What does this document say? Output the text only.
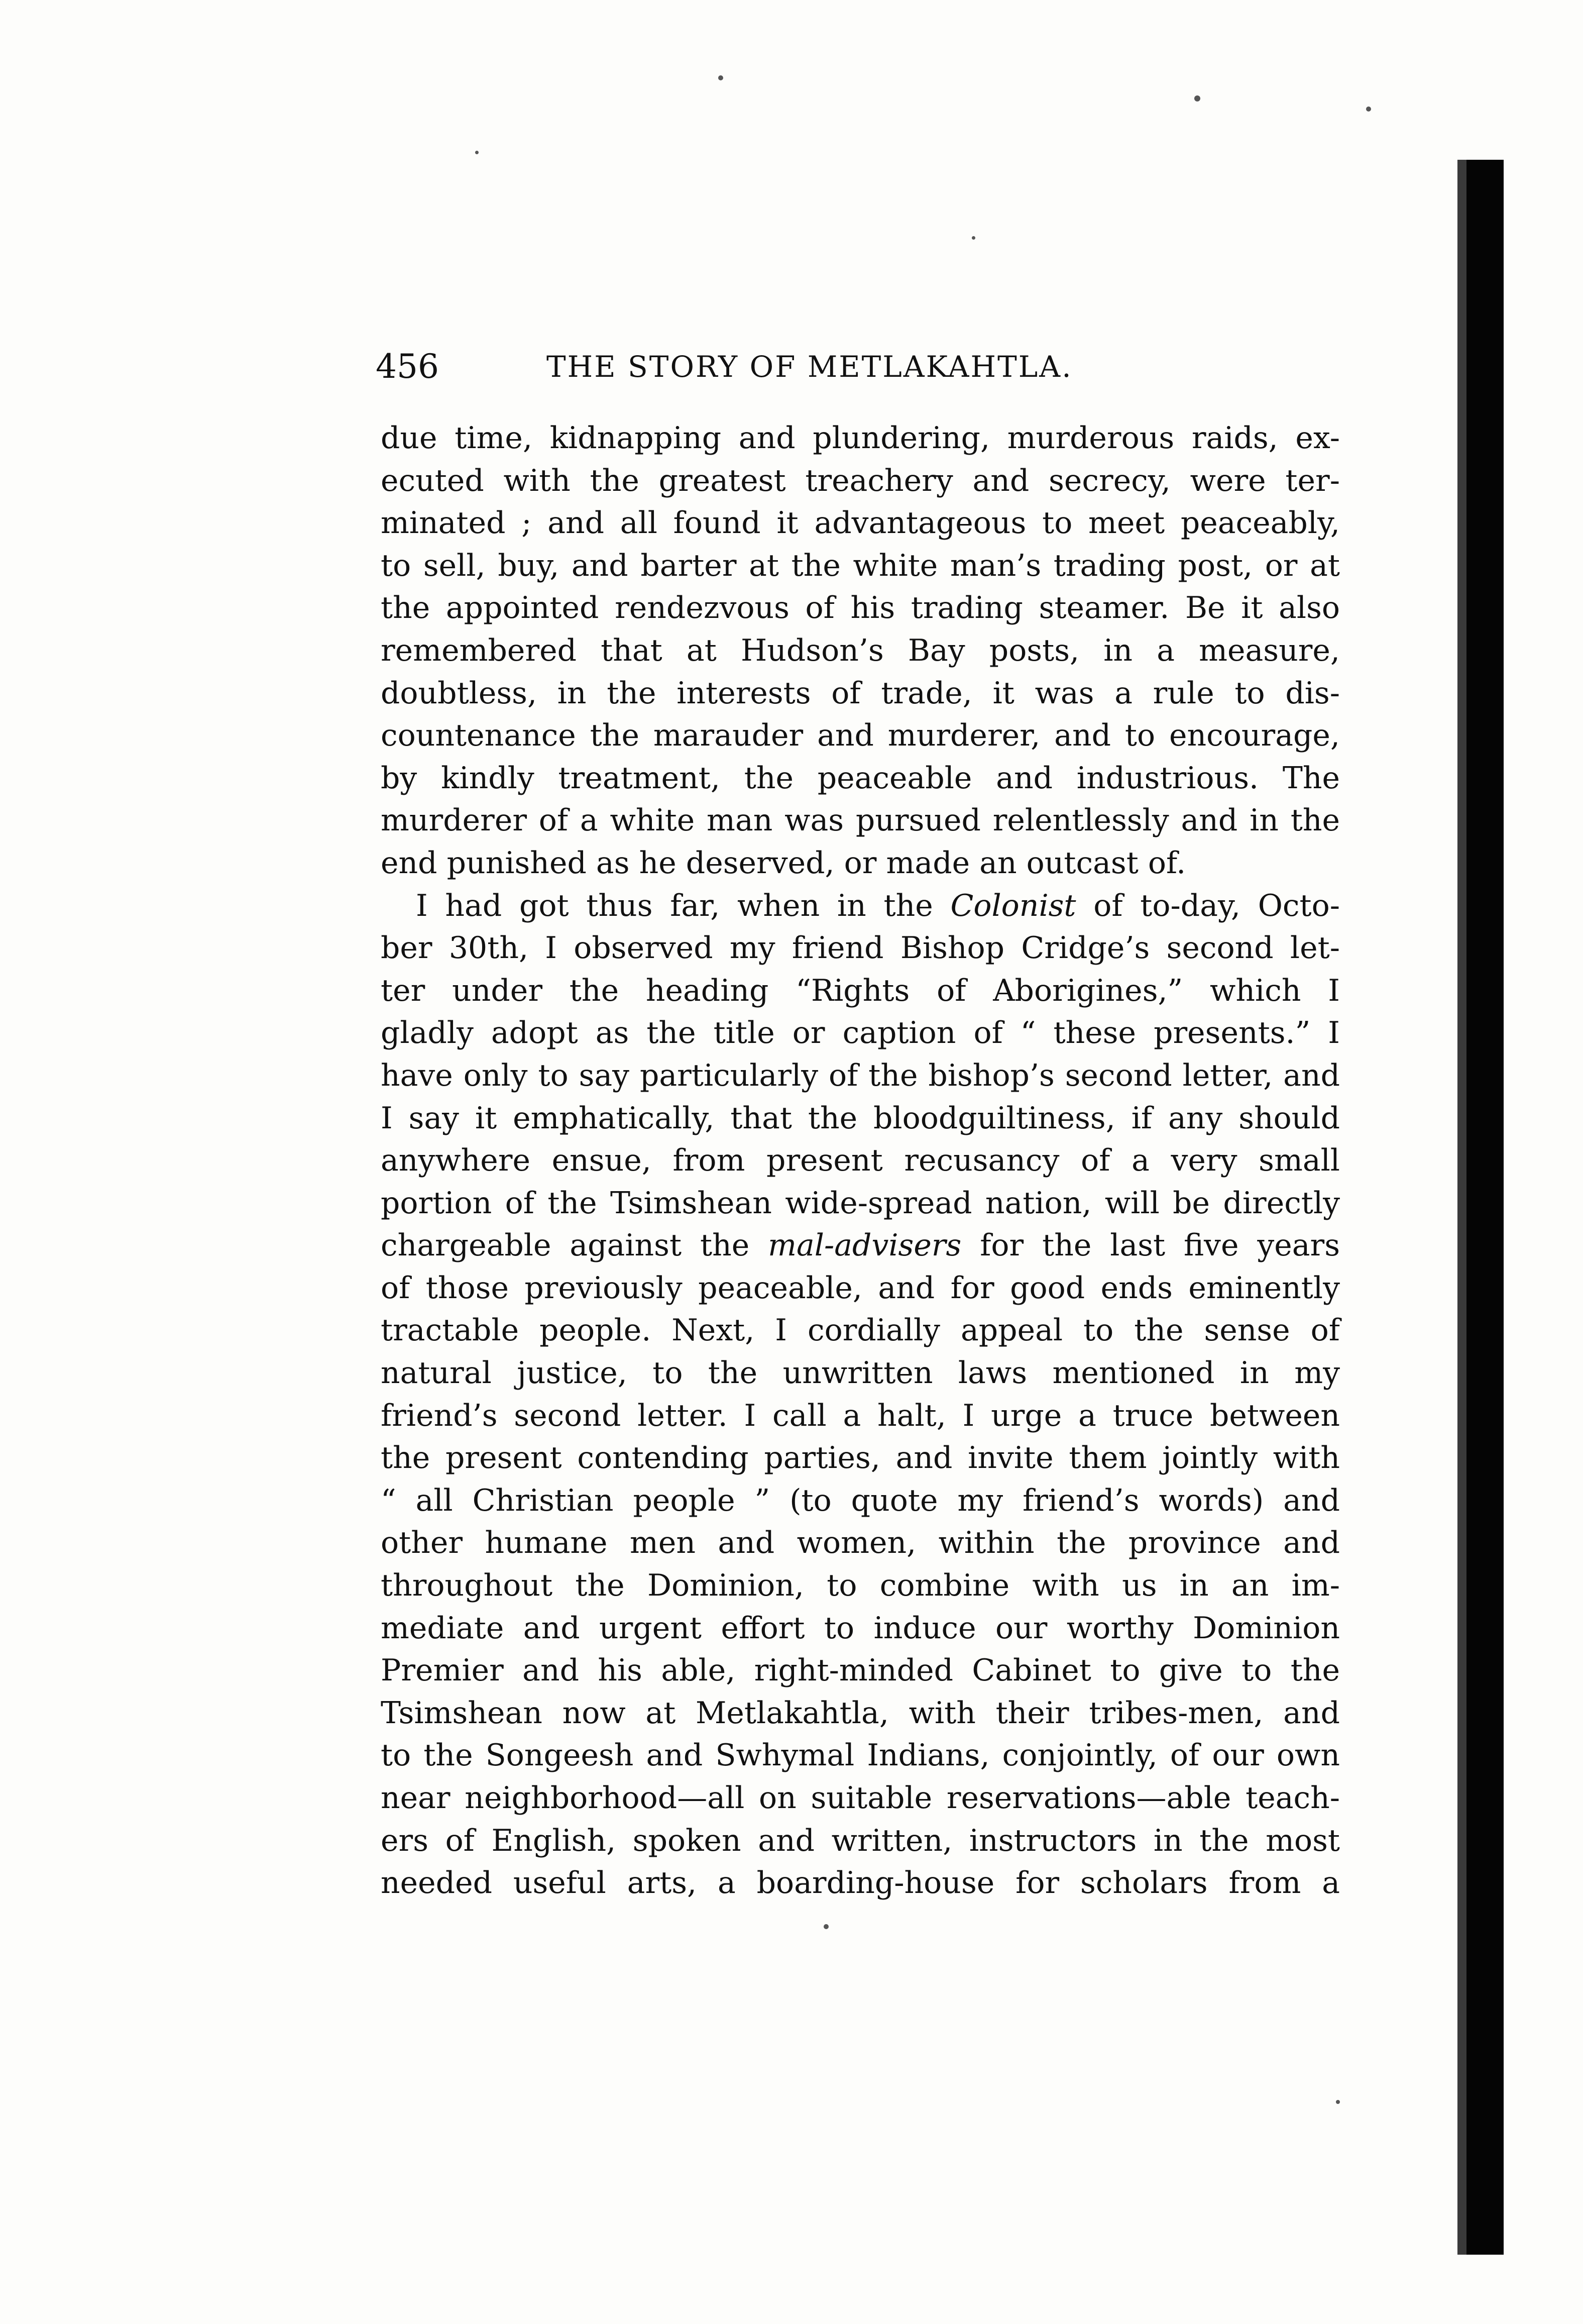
456	THE STORY OF METLAKAHTLA.
due time, kidnapping and plundering, murderous raids, ex-
ecuted with the greatest treachery and secrecy, were ter-
minated ; and all found it advantageous to meet peaceably,
to sell, buy, and barter at the white man’s trading post, or at
the appointed rendezvous of his trading steamer. Be it also
remembered that at Hudson’s Bay posts, in a measure,
doubtless, in the interests of trade, it was a rule to dis-
countenance the marauder and murderer, and to encourage,
by kindly treatment, the peaceable and industrious. The
murderer of a white man was pursued relentlessly and in the
end punished as he deserved, or made an outcast of.
I had got thus far, when in the Colonist of to-day, Octo-
ber 30th, I observed my friend Bishop Cridge’s second let-
ter under the heading “Rights of Aborigines,” which I
gladly adopt as the title or caption of “ these presents.” I
have only to say particularly of the bishop’s second letter, and
I say it emphatically, that the bloodguiltiness, if any should
anywhere ensue, from present recusancy of a very small
portion of the Tsimshean wide-spread nation, will be directly
chargeable against the mal-advisers for the last five years
of those previously peaceable, and for good ends eminently
tractable people. Next, I cordially appeal to the sense of
natural justice, to the unwritten laws mentioned in my
friend’s second letter. I call a halt, I urge a truce between
the present contending parties, and invite them jointly with
“ all Christian people ” (to quote my friend’s words) and
other humane men and women, within the province and
throughout the Dominion, to combine with us in an im-
mediate and urgent effort to induce our worthy Dominion
Premier and his able, right-minded Cabinet to give to the
Tsimshean now at Metlakahtla, with their tribes-men, and
to the Songeesh and Swhymal Indians, conjointly, of our own
near neighborhood—all on suitable reservations—able teach-
ers of English, spoken and written, instructors in the most
needed useful arts, a boarding-house for scholars from a
